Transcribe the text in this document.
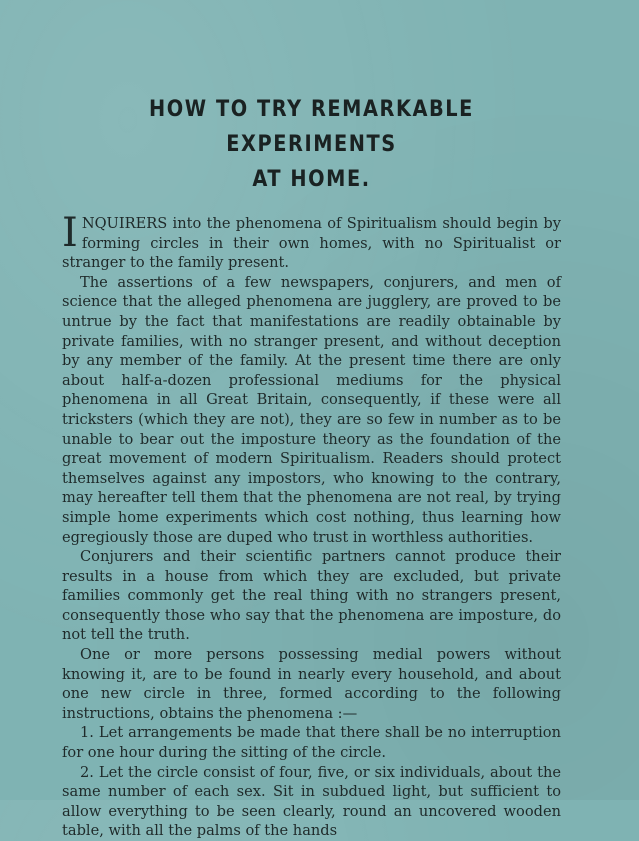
HOW TO TRY REMARKABLE EXPERIMENTS
AT HOME.

INQUIRERS into the phenomena of Spiritualism should begin by forming circles in their own homes, with no Spiritualist or stranger to the family present.

The assertions of a few newspapers, conjurers, and men of science that the alleged phenomena are jugglery, are proved to be untrue by the fact that manifestations are readily obtainable by private families, with no stranger present, and without deception by any member of the family. At the present time there are only about half-a-dozen professional mediums for the physical phenomena in all Great Britain, consequently, if these were all tricksters (which they are not), they are so few in number as to be unable to bear out the imposture theory as the foundation of the great movement of modern Spiritualism. Readers should protect themselves against any impostors, who knowing to the contrary, may hereafter tell them that the phenomena are not real, by trying simple home experiments which cost nothing, thus learning how egregiously those are duped who trust in worthless authorities.

Conjurers and their scientific partners cannot produce their results in a house from which they are excluded, but private families commonly get the real thing with no strangers present, consequently those who say that the phenomena are imposture, do not tell the truth.

One or more persons possessing medial powers without knowing it, are to be found in nearly every household, and about one new circle in three, formed according to the following instructions, obtains the phenomena :—

1. Let arrangements be made that there shall be no interruption for one hour during the sitting of the circle.

2. Let the circle consist of four, five, or six individuals, about the same number of each sex. Sit in subdued light, but sufficient to allow everything to be seen clearly, round an uncovered wooden table, with all the palms of the hands
